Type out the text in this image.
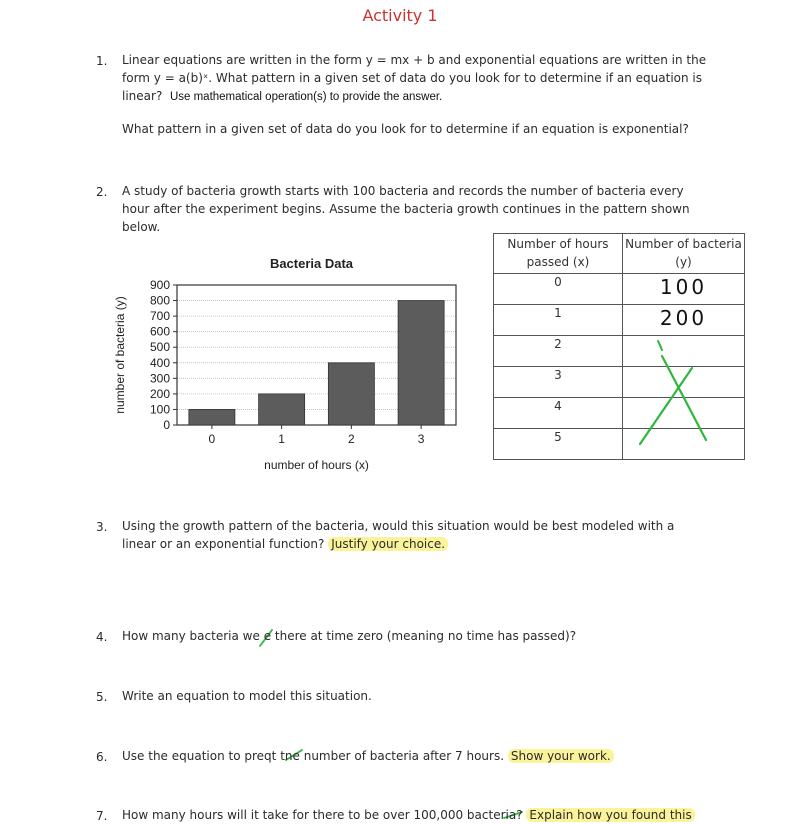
Activity 1
1. Linear equations are written in the form y = mx + b and exponential equations are written in the
form y = a(b)ˣ. What pattern in a given set of data do you look for to determine if an equation is
linear? Use mathematical operation(s) to provide the answer.
What pattern in a given set of data do you look for to determine if an equation is exponential?
2. A study of bacteria growth starts with 100 bacteria and records the number of bacteria every
hour after the experiment begins. Assume the bacteria growth continues in the pattern shown
below.
Bacteria Data
900
800
700
600
500
400
300
200
100
0
0	1	2	3
number of hours (x)
number of bacteria (y)
Number of hours passed (x)	Number of bacteria (y)
0	100
1	200
2	
3	
4	
5	
3. Using the growth pattern of the bacteria, would this situation would be best modeled with a
linear or an exponential function? Justify your choice.
4. How many bacteria we e there at time zero (meaning no time has passed)?
5. Write an equation to model this situation.
6. Use the equation to preqt tne number of bacteria after 7 hours. Show your work.
7. How many hours will it take for there to be over 100,000 bacteria? Explain how you found this
